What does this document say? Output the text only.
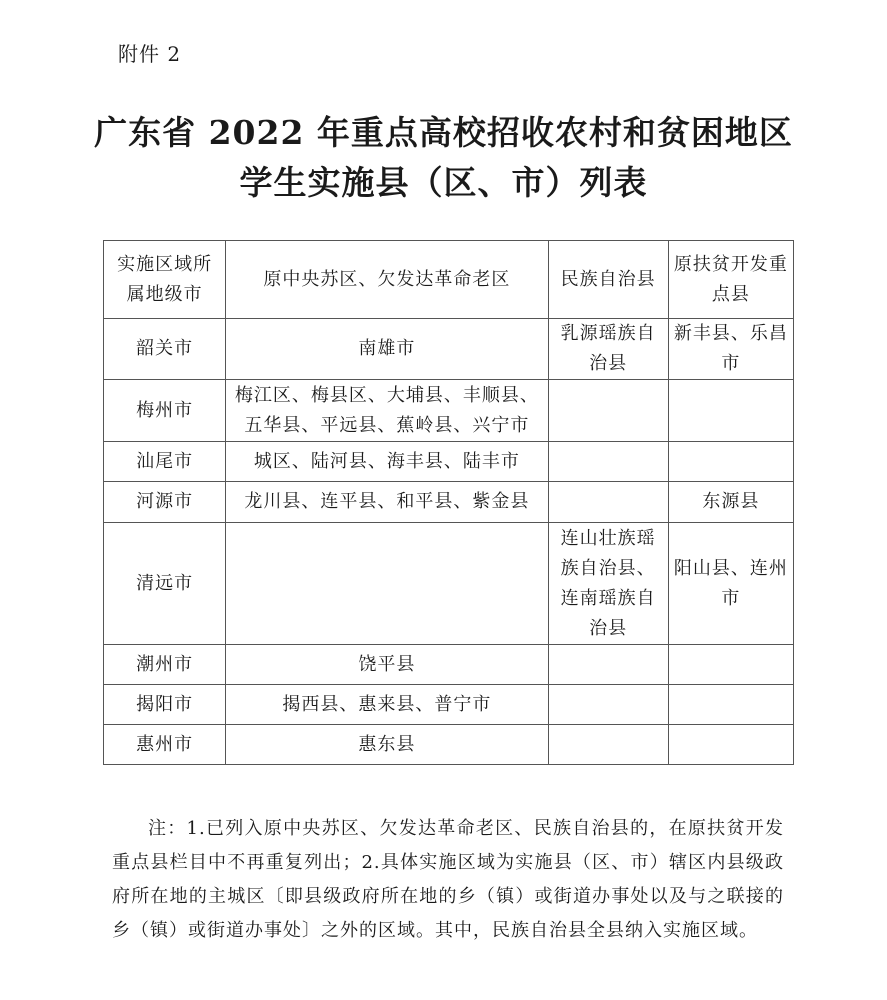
附件 2
广东省 2022 年重点高校招收农村和贫困地区
学生实施县（区、市）列表
实施区域所属地级市	原中央苏区、欠发达革命老区	民族自治县	原扶贫开发重点县
韶关市	南雄市	乳源瑶族自治县	新丰县、乐昌市
梅州市	梅江区、梅县区、大埔县、丰顺县、五华县、平远县、蕉岭县、兴宁市		
汕尾市	城区、陆河县、海丰县、陆丰市		
河源市	龙川县、连平县、和平县、紫金县		东源县
清远市		连山壮族瑶族自治县、连南瑶族自治县	阳山县、连州市
潮州市	饶平县		
揭阳市	揭西县、惠来县、普宁市		
惠州市	惠东县		
注：1.已列入原中央苏区、欠发达革命老区、民族自治县的，在原扶贫开发重点县栏目中不再重复列出；2.具体实施区域为实施县（区、市）辖区内县级政府所在地的主城区〔即县级政府所在地的乡（镇）或街道办事处以及与之联接的乡（镇）或街道办事处〕之外的区域。其中，民族自治县全县纳入实施区域。
